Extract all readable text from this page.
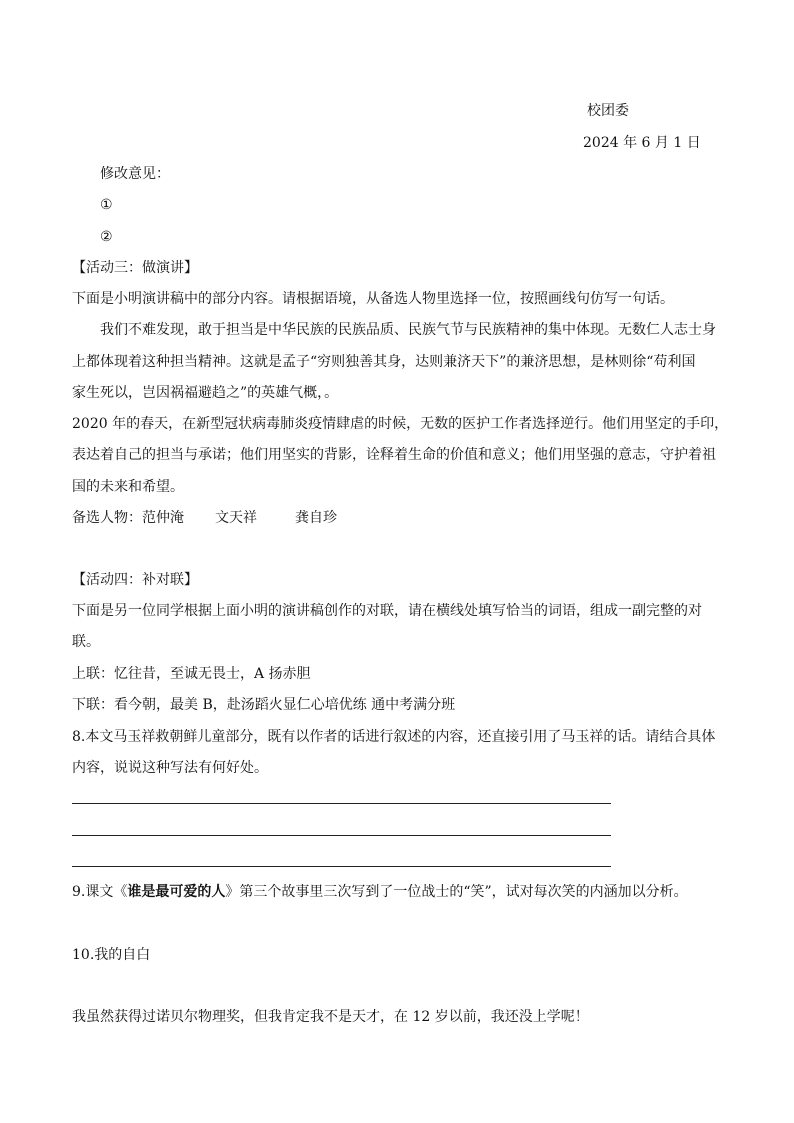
校团委
2024 年 6 月 1 日
修改意见：
①
②
【活动三：做演讲】
下面是小明演讲稿中的部分内容。请根据语境，从备选人物里选择一位，按照画线句仿写一句话。
我们不难发现，敢于担当是中华民族的民族品质、民族气节与民族精神的集中体现。无数仁人志士身
上都体现着这种担当精神。这就是孟子“穷则独善其身，达则兼济天下”的兼济思想，是林则徐“苟利国
家生死以，岂因祸福避趋之”的英雄气概，。
2020 年的春天，在新型冠状病毒肺炎疫情肆虐的时候，无数的医护工作者选择逆行。他们用坚定的手印，
表达着自己的担当与承诺；他们用坚实的背影，诠释着生命的价值和意义；他们用坚强的意志，守护着祖
国的未来和希望。
备选人物：范仲淹 文天祥	龚自珍
【活动四：补对联】
下面是另一位同学根据上面小明的演讲稿创作的对联，请在横线处填写恰当的词语，组成一副完整的对
联。
上联：忆往昔，至诚无畏士，A 扬赤胆
下联：看今朝，最美 B，赴汤蹈火显仁心培优练 通中考满分班
8.本文马玉祥救朝鲜儿童部分，既有以作者的话进行叙述的内容，还直接引用了马玉祥的话。请结合具体
内容，说说这种写法有何好处。
9.课文《谁是最可爱的人》第三个故事里三次写到了一位战士的“笑”，试对每次笑的内涵加以分析。
10.我的自白
我虽然获得过诺贝尔物理奖，但我肯定我不是天才，在 12 岁以前，我还没上学呢！
